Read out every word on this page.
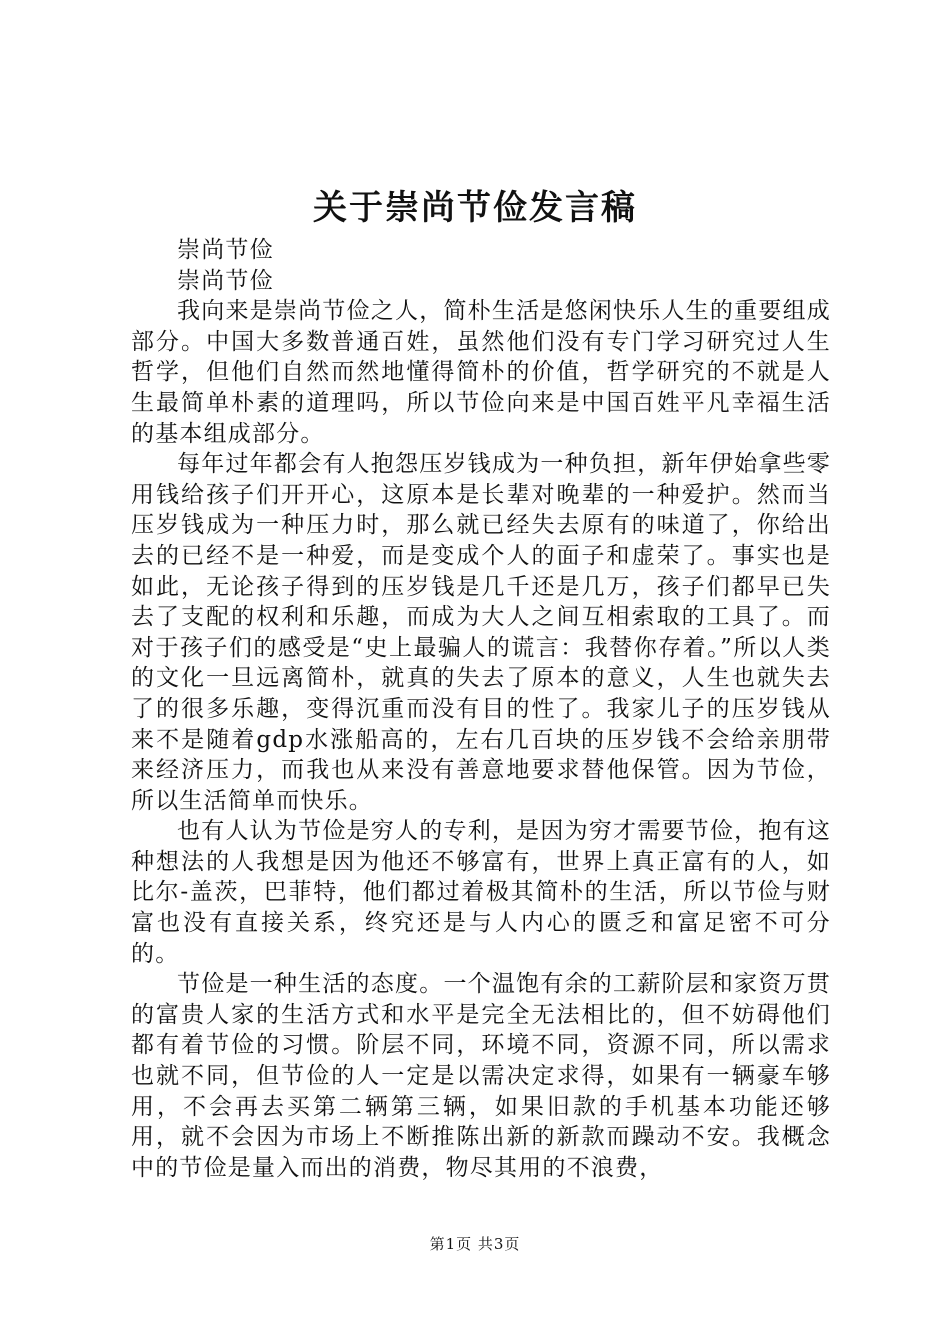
关于崇尚节俭发言稿

崇尚节俭

崇尚节俭

我向来是崇尚节俭之人，简朴生活是悠闲快乐人生的重要组成部分。中国大多数普通百姓，虽然他们没有专门学习研究过人生哲学，但他们自然而然地懂得简朴的价值，哲学研究的不就是人生最简单朴素的道理吗，所以节俭向来是中国百姓平凡幸福生活的基本组成部分。

每年过年都会有人抱怨压岁钱成为一种负担，新年伊始拿些零用钱给孩子们开开心，这原本是长辈对晚辈的一种爱护。然而当压岁钱成为一种压力时，那么就已经失去原有的味道了，你给出去的已经不是一种爱，而是变成个人的面子和虚荣了。事实也是如此，无论孩子得到的压岁钱是几千还是几万，孩子们都早已失去了支配的权利和乐趣，而成为大人之间互相索取的工具了。而对于孩子们的感受是“史上最骗人的谎言：我替你存着。”所以人类的文化一旦远离简朴，就真的失去了原本的意义，人生也就失去了的很多乐趣，变得沉重而没有目的性了。我家儿子的压岁钱从来不是随着gdp水涨船高的，左右几百块的压岁钱不会给亲朋带来经济压力，而我也从来没有善意地要求替他保管。因为节俭，所以生活简单而快乐。

也有人认为节俭是穷人的专利，是因为穷才需要节俭，抱有这种想法的人我想是因为他还不够富有，世界上真正富有的人，如比尔-盖茨，巴菲特，他们都过着极其简朴的生活，所以节俭与财富也没有直接关系，终究还是与人内心的匮乏和富足密不可分的。

节俭是一种生活的态度。一个温饱有余的工薪阶层和家资万贯的富贵人家的生活方式和水平是完全无法相比的，但不妨碍他们都有着节俭的习惯。阶层不同，环境不同，资源不同，所以需求也就不同，但节俭的人一定是以需决定求得，如果有一辆豪车够用，不会再去买第二辆第三辆，如果旧款的手机基本功能还够用，就不会因为市场上不断推陈出新的新款而躁动不安。我概念中的节俭是量入而出的消费，物尽其用的不浪费，

第1页 共3页
